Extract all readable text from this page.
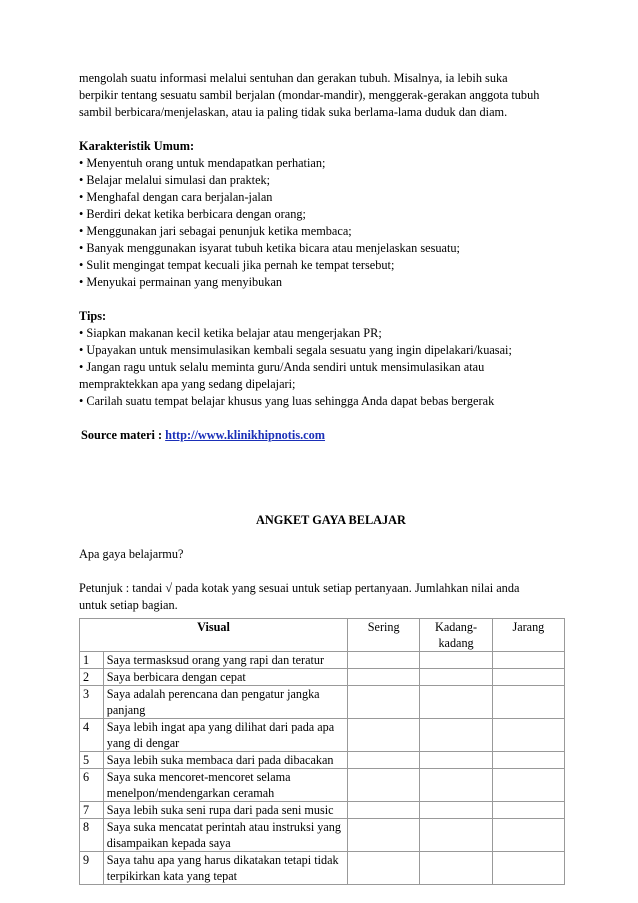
mengolah suatu informasi melalui sentuhan dan gerakan tubuh. Misalnya, ia lebih suka

berpikir tentang sesuatu sambil berjalan (mondar-mandir), menggerak-gerakan anggota tubuh

sambil berbicara/menjelaskan, atau ia paling tidak suka berlama-lama duduk dan diam.

Karakteristik Umum:

• Menyentuh orang untuk mendapatkan perhatian;
• Belajar melalui simulasi dan praktek;
• Menghafal dengan cara berjalan-jalan
• Berdiri dekat ketika berbicara dengan orang;
• Menggunakan jari sebagai penunjuk ketika membaca;
• Banyak menggunakan isyarat tubuh ketika bicara atau menjelaskan sesuatu;
• Sulit mengingat tempat kecuali jika pernah ke tempat tersebut;
• Menyukai permainan yang menyibukan

Tips:

• Siapkan makanan kecil ketika belajar atau mengerjakan PR;
• Upayakan untuk mensimulasikan kembali segala sesuatu yang ingin dipelakari/kuasai;
• Jangan ragu untuk selalu meminta guru/Anda sendiri untuk mensimulasikan atau
mempraktekkan apa yang sedang dipelajari;
• Carilah suatu tempat belajar khusus yang luas sehingga Anda dapat bebas bergerak

Source materi : http://www.klinikhipnotis.com

ANGKET GAYA BELAJAR

Apa gaya belajarmu?

Petunjuk : tandai √ pada kotak yang sesuai untuk setiap pertanyaan. Jumlahkan nilai anda

untuk setiap bagian.

Visual		Sering	Kadang-kadang	Jarang
1	Saya termasksud orang yang rapi dan teratur			
2	Saya berbicara dengan cepat			
3	Saya adalah perencana dan pengatur jangka panjang			
4	Saya lebih ingat apa yang dilihat dari pada apa yang di dengar			
5	Saya lebih suka membaca dari pada dibacakan			
6	Saya suka mencoret-mencoret selama menelpon/mendengarkan ceramah			
7	Saya lebih suka seni rupa dari pada seni music			
8	Saya suka mencatat perintah atau instruksi yang disampaikan kepada saya			
9	Saya tahu apa yang harus dikatakan tetapi tidak terpikirkan kata yang tepat			
